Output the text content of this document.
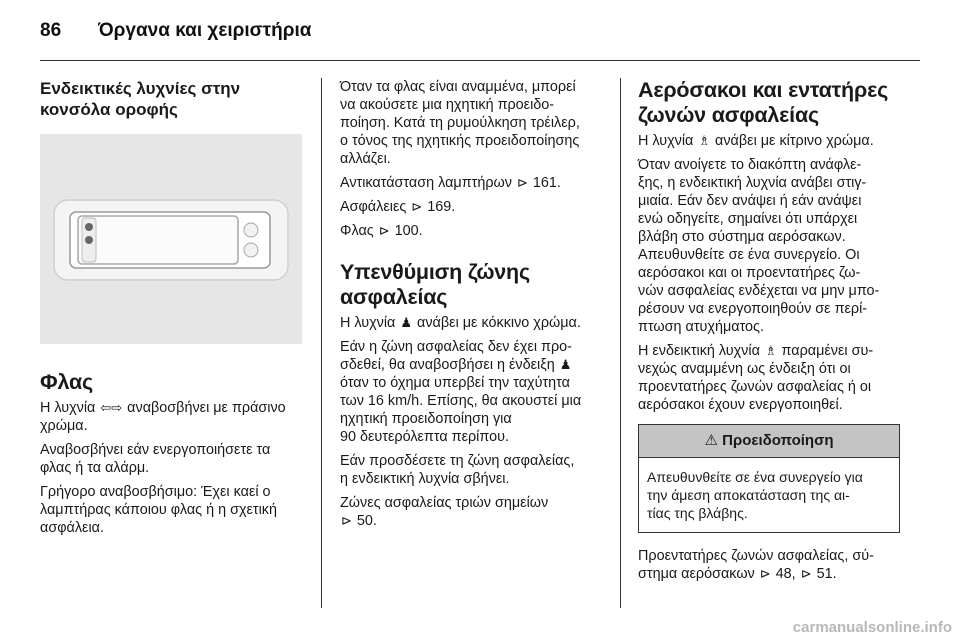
86	Όργανα και χειριστήρια
Ενδεικτικές λυχνίες στην
κονσόλα οροφής
Φλας

Η λυχνία ⇦⇨ αναβοσβήνει με πράσινο
χρώμα.

Αναβοσβήνει εάν ενεργοποιήσετε τα
φλας ή τα αλάρμ.

Γρήγορο αναβοσβήσιμο: Έχει καεί ο
λαμπτήρας κάποιου φλας ή η σχετική
ασφάλεια.

Όταν τα φλας είναι αναμμένα, μπορεί
να ακούσετε μια ηχητική προειδο-
ποίηση. Κατά τη ρυμούλκηση τρέιλερ,
ο τόνος της ηχητικής προειδοποίησης
αλλάζει.

Αντικατάσταση λαμπτήρων ⊳ 161.

Ασφάλειες ⊳ 169.

Φλας ⊳ 100.

Υπενθύμιση ζώνης
ασφαλείας

Η λυχνία ♟ ανάβει με κόκκινο χρώμα.

Εάν η ζώνη ασφαλείας δεν έχει προ-
σδεθεί, θα αναβοσβήσει η ένδειξη ♟
όταν το όχημα υπερβεί την ταχύτητα
των 16 km/h. Επίσης, θα ακουστεί μια
ηχητική προειδοποίηση για
90 δευτερόλεπτα περίπου.

Εάν προσδέσετε τη ζώνη ασφαλείας,
η ενδεικτική λυχνία σβήνει.

Ζώνες ασφαλείας τριών σημείων
⊳ 50.

Αερόσακοι και εντατήρες
ζωνών ασφαλείας

Η λυχνία ♗ ανάβει με κίτρινο χρώμα.

Όταν ανοίγετε το διακόπτη ανάφλε-
ξης, η ενδεικτική λυχνία ανάβει στιγ-
μιαία. Εάν δεν ανάψει ή εάν ανάψει
ενώ οδηγείτε, σημαίνει ότι υπάρχει
βλάβη στο σύστημα αερόσακων.
Απευθυνθείτε σε ένα συνεργείο. Οι
αερόσακοι και οι προεντατήρες ζω-
νών ασφαλείας ενδέχεται να μην μπο-
ρέσουν να ενεργοποιηθούν σε περί-
πτωση ατυχήματος.

Η ενδεικτική λυχνία ♗ παραμένει συ-
νεχώς αναμμένη ως ένδειξη ότι οι
προεντατήρες ζωνών ασφαλείας ή οι
αερόσακοι έχουν ενεργοποιηθεί.

⚠ Προειδοποίηση
Απευθυνθείτε σε ένα συνεργείο για
την άμεση αποκατάσταση της αι-
τίας της βλάβης.

Προεντατήρες ζωνών ασφαλείας, σύ-
στημα αερόσακων ⊳ 48, ⊳ 51.

carmanualsonline.info
